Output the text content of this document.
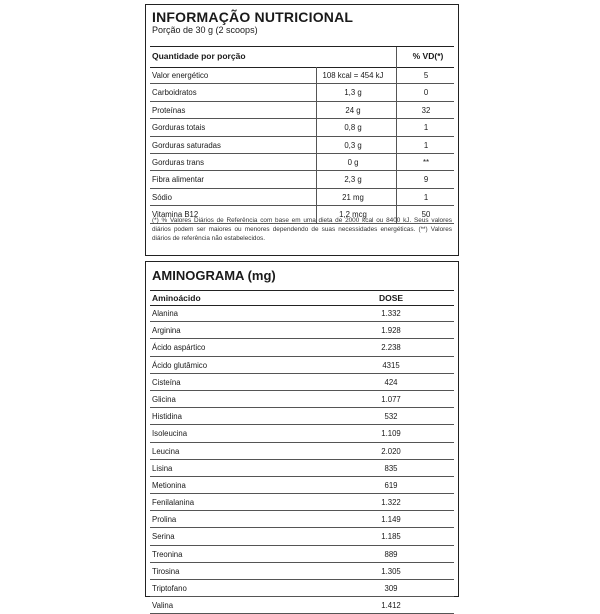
INFORMAÇÃO NUTRICIONAL
Porção de 30 g (2 scoops)
Quantidade por porção	% VD(*)
Valor energético	108 kcal = 454 kJ	5
Carboidratos	1,3 g	0
Proteínas	24 g	32
Gorduras totais	0,8 g	1
Gorduras saturadas	0,3 g	1
Gorduras trans	0 g	**
Fibra alimentar	2,3 g	9
Sódio	21 mg	1
Vitamina B12	1,2 mcg	50
(*) % Valores Diários de Referência com base em uma dieta de 2000 kcal ou 8400 kJ. Seus valores diários podem ser maiores ou menores dependendo de suas necessidades energéticas. (**) Valores diários de referência não estabelecidos.
AMINOGRAMA (mg)
Aminoácido	DOSE
Alanina	1.332
Arginina	1.928
Ácido aspártico	2.238
Ácido glutâmico	4315
Cisteína	424
Glicina	1.077
Histidina	532
Isoleucina	1.109
Leucina	2.020
Lisina	835
Metionina	619
Fenilalanina	1.322
Prolina	1.149
Serina	1.185
Treonina	889
Tirosina	1.305
Triptofano	309
Valina	1.412
